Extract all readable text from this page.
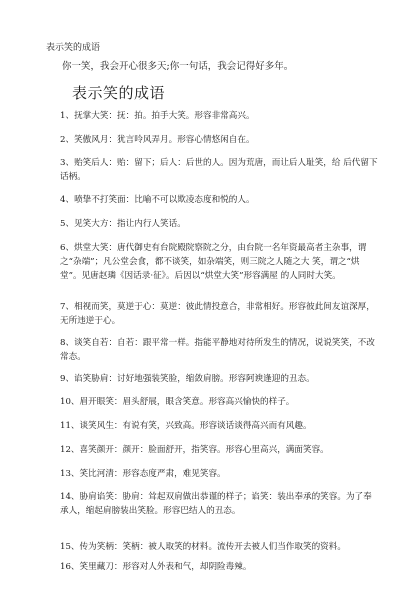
表示笑的成语
你一笑，我会开心很多天;你一句话，我会记得好多年。
表示笑的成语
1、抚掌大笑：抚：拍。拍手大笑。形容非常高兴。
2、笑傲风月：犹言呤风弄月。形容心情悠闲自在。
3、贻笑后人：贻：留下；后人：后世的人。因为荒唐，而让后人耻笑，给 后代留下话柄。
4、喷挚不打笑面：比喻不可以欺凌态度和悦的人。
5、见笑大方：指让内行人笑话。
6、烘堂大笑：唐代御史有台院殿院察院之分，由台院一名年资最高者主杂事，谓之“杂端”；凡公堂会食，都不谈笑，如杂端笑，则三院之人随之大 笑，谓之“烘堂”。见唐赵璘《因话录·征》。后因以“烘堂大笑”形容满屋 的人同时大笑。
7、相视而笑，莫逆于心：莫逆：彼此情投意合，非常相好。形容彼此间友谊深厚，无所违逆于心。
8、谈笑自若：自若：跟平常一样。指能平静地对待所发生的情况，说说笑笑，不改常态。
9、谄笑胁肩：讨好地强装笑脸，缩敛肩膀。形容阿谀逢迎的丑态。
10、眉开眼笑：眉头舒展，眼含笑意。形容高兴愉快的样子。
11、谈笑风生：有说有笑，兴致高。形容谈话谈得高兴而有风趣。
12、喜笑颜开：颜开：脸面舒开，指笑容。形容心里高兴，满面笑容。
13、笑比河清：形容态度严肃，难见笑容。
14、胁肩谄笑：胁肩：耸起双肩做出恭谨的样子；谄笑：装出奉承的笑容。为了奉承人，缩起肩膀装出笑脸。形容巴结人的丑态。
15、传为笑柄：笑柄：被人取笑的材料。流传开去被人们当作取笑的资料。
16、笑里藏刀：形容对人外表和气，却阴险毒辣。
